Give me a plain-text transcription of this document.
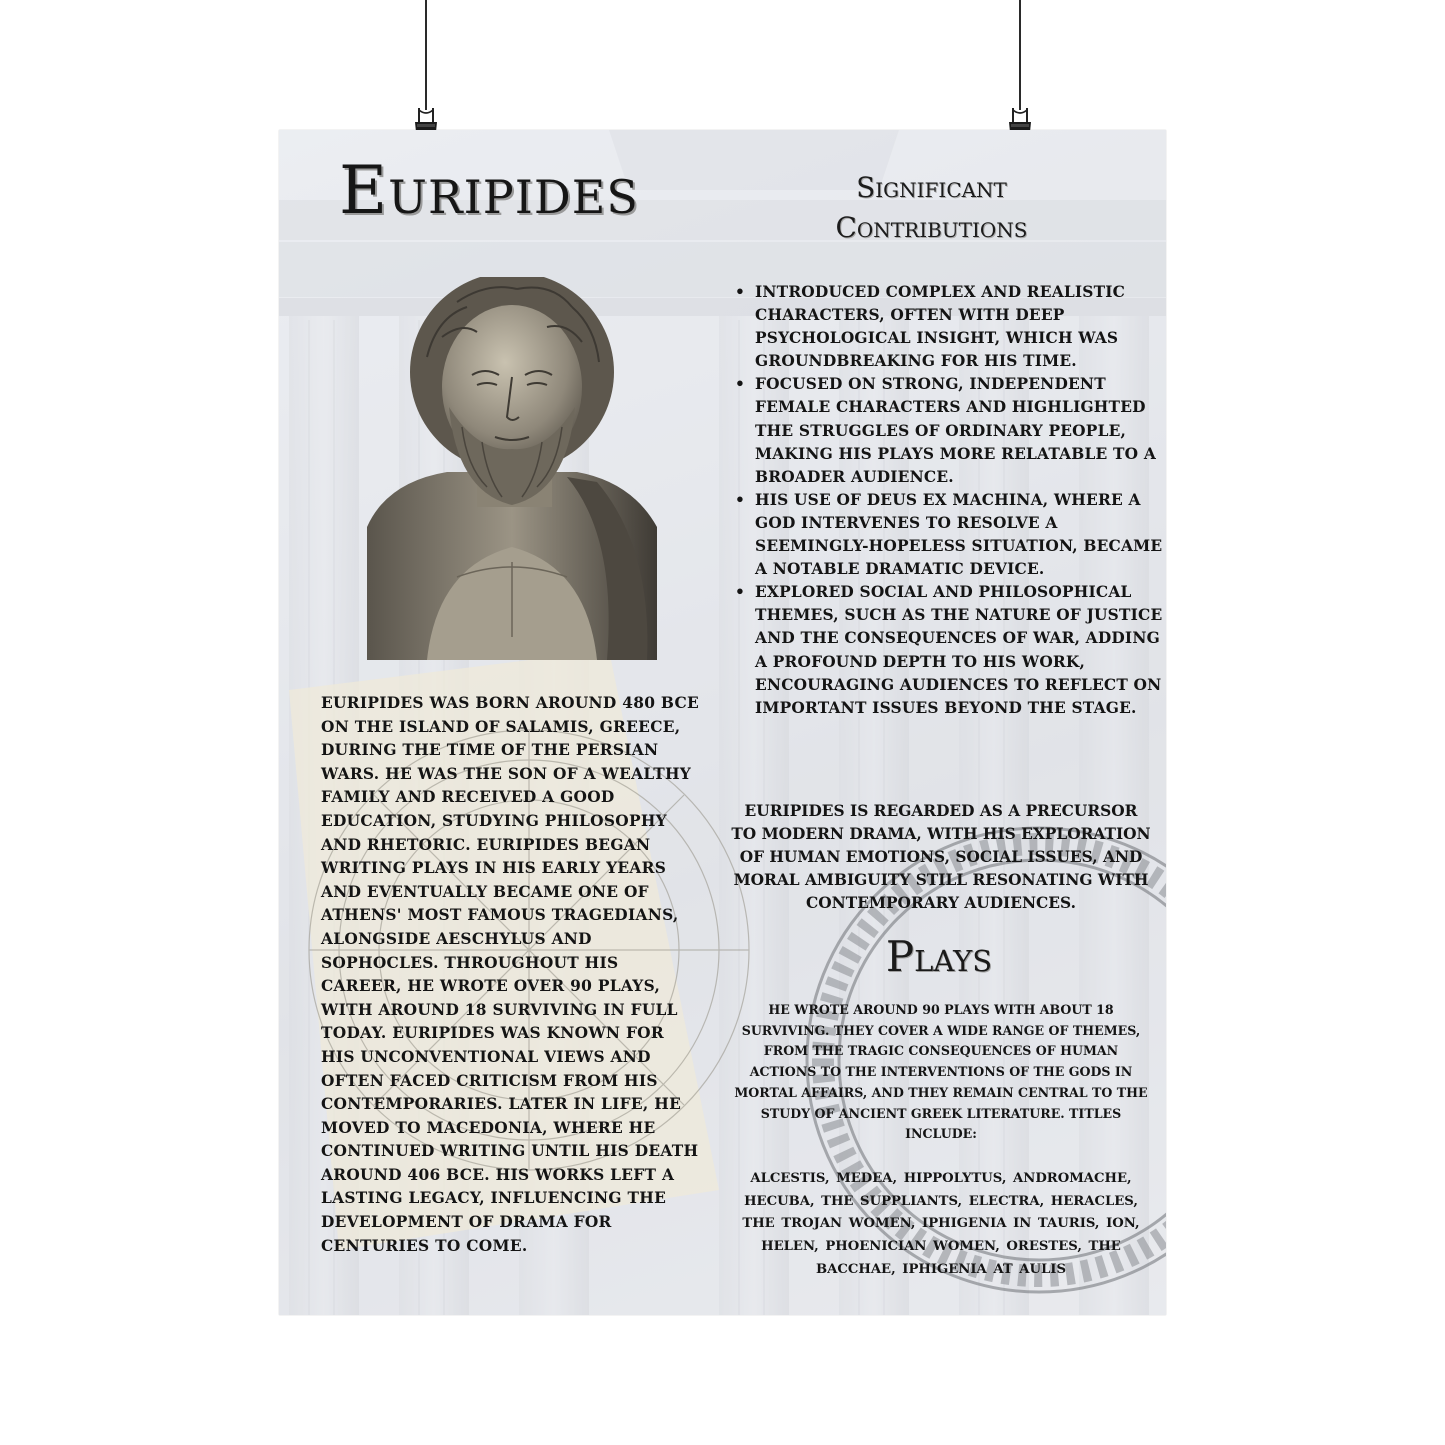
Euripides

EURIPIDES WAS BORN AROUND 480 BCE ON THE ISLAND OF SALAMIS, GREECE, DURING THE TIME OF THE PERSIAN WARS. HE WAS THE SON OF A WEALTHY FAMILY AND RECEIVED A GOOD EDUCATION, STUDYING PHILOSOPHY AND RHETORIC. EURIPIDES BEGAN WRITING PLAYS IN HIS EARLY YEARS AND EVENTUALLY BECAME ONE OF ATHENS' MOST FAMOUS TRAGEDIANS, ALONGSIDE AESCHYLUS AND SOPHOCLES. THROUGHOUT HIS CAREER, HE WROTE OVER 90 PLAYS, WITH AROUND 18 SURVIVING IN FULL TODAY. EURIPIDES WAS KNOWN FOR HIS UNCONVENTIONAL VIEWS AND OFTEN FACED CRITICISM FROM HIS CONTEMPORARIES. LATER IN LIFE, HE MOVED TO MACEDONIA, WHERE HE CONTINUED WRITING UNTIL HIS DEATH AROUND 406 BCE. HIS WORKS LEFT A LASTING LEGACY, INFLUENCING THE DEVELOPMENT OF DRAMA FOR CENTURIES TO COME.

Significant Contributions
• INTRODUCED COMPLEX AND REALISTIC CHARACTERS, OFTEN WITH DEEP PSYCHOLOGICAL INSIGHT, WHICH WAS GROUNDBREAKING FOR HIS TIME.
• FOCUSED ON STRONG, INDEPENDENT FEMALE CHARACTERS AND HIGHLIGHTED THE STRUGGLES OF ORDINARY PEOPLE, MAKING HIS PLAYS MORE RELATABLE TO A BROADER AUDIENCE.
• HIS USE OF DEUS EX MACHINA, WHERE A GOD INTERVENES TO RESOLVE A SEEMINGLY-HOPELESS SITUATION, BECAME A NOTABLE DRAMATIC DEVICE.
• EXPLORED SOCIAL AND PHILOSOPHICAL THEMES, SUCH AS THE NATURE OF JUSTICE AND THE CONSEQUENCES OF WAR, ADDING A PROFOUND DEPTH TO HIS WORK, ENCOURAGING AUDIENCES TO REFLECT ON IMPORTANT ISSUES BEYOND THE STAGE.

EURIPIDES IS REGARDED AS A PRECURSOR TO MODERN DRAMA, WITH HIS EXPLORATION OF HUMAN EMOTIONS, SOCIAL ISSUES, AND MORAL AMBIGUITY STILL RESONATING WITH CONTEMPORARY AUDIENCES.

Plays

HE WROTE AROUND 90 PLAYS WITH ABOUT 18 SURVIVING. THEY COVER A WIDE RANGE OF THEMES, FROM THE TRAGIC CONSEQUENCES OF HUMAN ACTIONS TO THE INTERVENTIONS OF THE GODS IN MORTAL AFFAIRS, AND THEY REMAIN CENTRAL TO THE STUDY OF ANCIENT GREEK LITERATURE. TITLES INCLUDE:

ALCESTIS, MEDEA, HIPPOLYTUS, ANDROMACHE, HECUBA, THE SUPPLIANTS, ELECTRA, HERACLES, THE TROJAN WOMEN, IPHIGENIA IN TAURIS, ION, HELEN, PHOENICIAN WOMEN, ORESTES, THE BACCHAE, IPHIGENIA AT AULIS
